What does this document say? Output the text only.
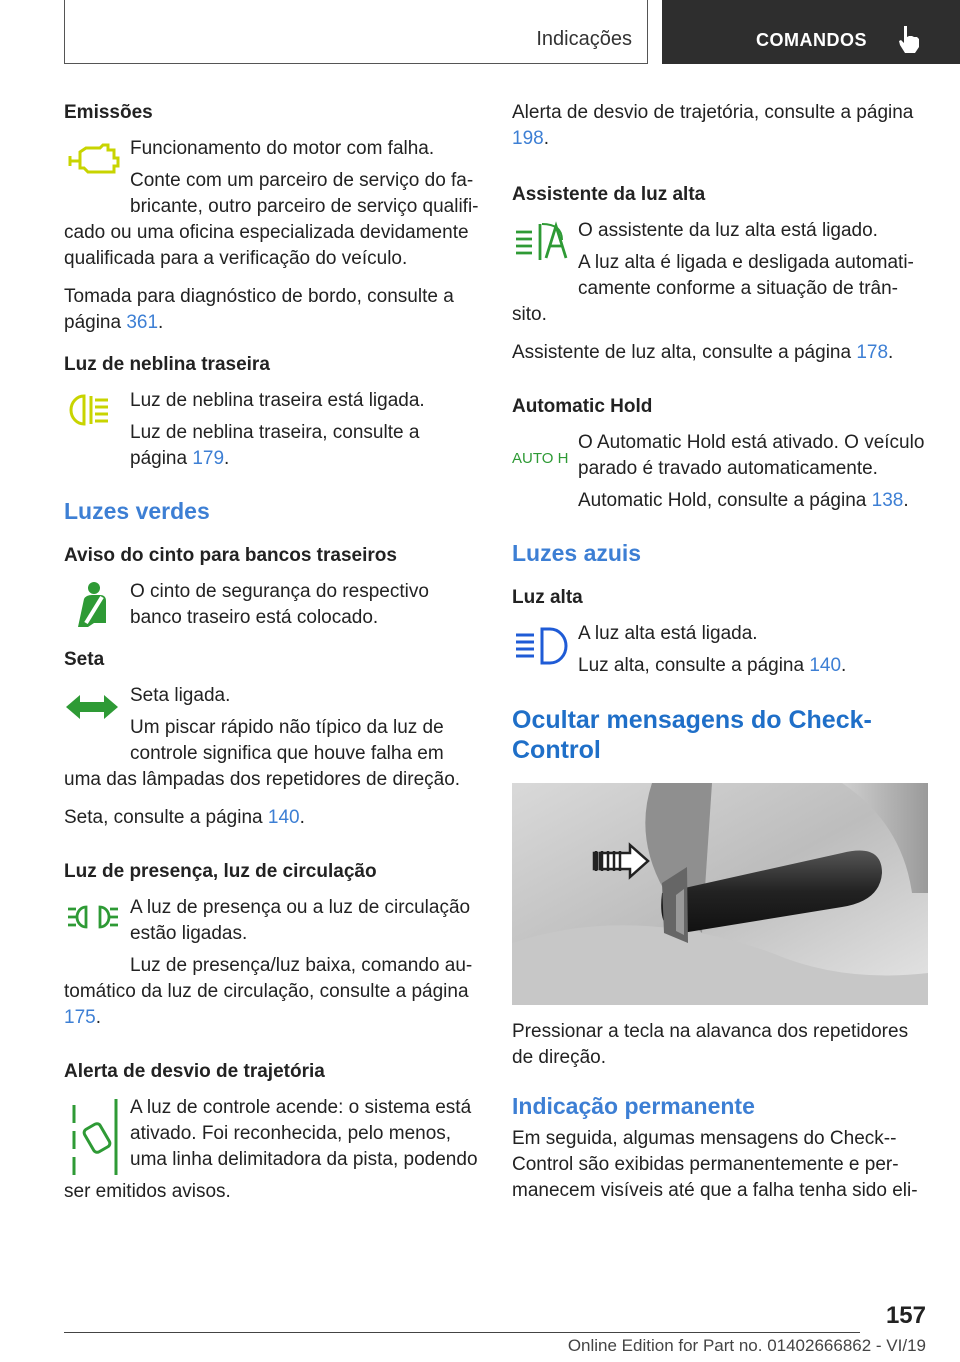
Indicações	COMANDOS
Emissões

Funcionamento do motor com falha.

Conte com um parceiro de serviço do fa-
bricante, outro parceiro de serviço qualifi-

cado ou uma oficina especializada devidamente qualificada para a verificação do veículo.

Tomada para diagnóstico de bordo, consulte a página 361.

Luz de neblina traseira

Luz de neblina traseira está ligada.

Luz de neblina traseira, consulte a página 179.

Luzes verdes
Aviso do cinto para bancos traseiros

O cinto de segurança do respectivo banco traseiro está colocado.

Seta

Seta ligada.

Um piscar rápido não típico da luz de
controle significa que houve falha em

uma das lâmpadas dos repetidores de direção.

Seta, consulte a página 140.

Luz de presença, luz de circulação

A luz de presença ou a luz de circulação estão ligadas.

Luz de presença/luz baixa, comando au-

tomático da luz de circulação, consulte a página 175.

Alerta de desvio de trajetória

A luz de controle acende: o sistema está ativado. Foi reconhecida, pelo menos, uma linha delimitadora da pista, podendo

ser emitidos avisos.

Alerta de desvio de trajetória, consulte a página 198.

Assistente da luz alta

O assistente da luz alta está ligado.

A luz alta é ligada e desligada automati-
camente conforme a situação de trân-

sito.

Assistente de luz alta, consulte a página 178.

Automatic Hold
AUTO H

O Automatic Hold está ativado. O veículo parado é travado automaticamente.

Automatic Hold, consulte a página 138.

Luzes azuis
Luz alta

A luz alta está ligada.

Luz alta, consulte a página 140.

Ocultar mensagens do Check-Control

Pressionar a tecla na alavanca dos repetidores de direção.

Indicação permanente

Em seguida, algumas mensagens do Check--Control são exibidas permanentemente e per-manecem visíveis até que a falha tenha sido eli-

157
Online Edition for Part no. 01402666862 - VI/19
